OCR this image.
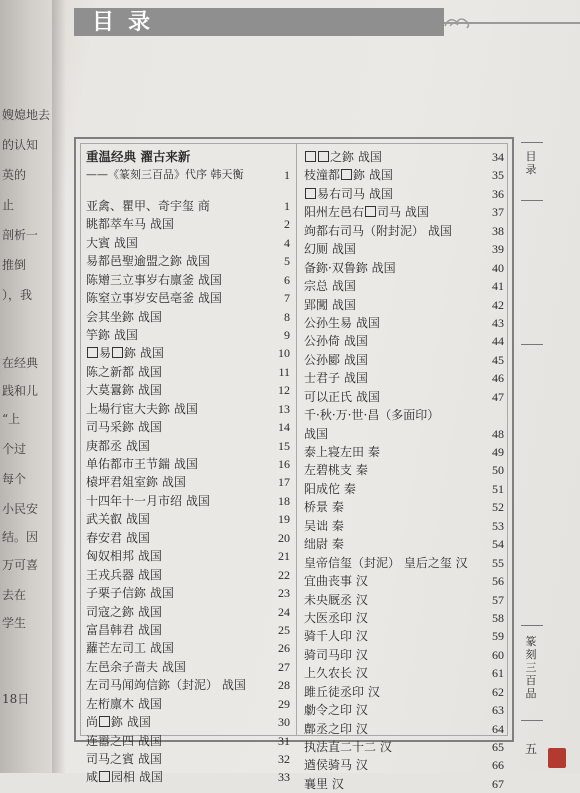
嫂媳地去
的认知
英的
止
剖析一
推倒
），我
在经典
践和儿
“上
个过
每个
小民安
结。因
万可喜
去在
学生
18日
目录
重温经典 濯古来新
——《篆刻三百品》代序 韩天衡	1
亚禽、瞿甲、奇宇玺 商	1
眺都萃车马 战国	2
大賓 战国	4
易都邑聖逾盟之鉨 战国	5
陈矰三立事岁右廪釜 战国	6
陈窒立事岁安邑亳釜 战国	7
会其坐鉨 战国	8
竽鉨 战国	9
易 鉨 战国	10
陈之新都 战国	11
大莫囂鉨 战国	12
上場行宦大夫鉨 战国	13
司马采鉨 战国	14
庚都丞 战国	15
单佑都市王节鍴 战国	16
榬坪君俎室鉨 战国	17
十四年十一月市绍 战国	18
武关叡 战国	19
春安君 战国	20
匈奴相邦 战国	21
王戎兵器 战国	22
子栗子信鉨 战国	23
司寇之鉨 战国	24
富昌韩君 战国	25
蘿芒左司工 战国	26
左邑余子啬夫 战国	27
左司马闻竘信鉨（封泥） 战国	28
左桁廪木 战国	29
尚 鉨 战国	30
连嚣之四 战国	31
司马之賓 战国	32
咸 园相 战国	33
之鉨 战国	34
枝潼都 鉨 战国	35
易右司马 战国	36
阳州左邑右 司马 战国	37
竘都右司马（附封泥） 战国	38
幻厕 战国	39
备鉨·双鲁鉨 战国	40
宗总 战国	41
郢闖 战国	42
公孙生易 战国	43
公孙倚 战国	44
公孙郾 战国	45
士君子 战国	46
可以正氏 战国	47
千·秋·万·世·昌（多面印）
战国	48
泰上寝左田 秦	49
左碧桃支 秦	50
阳成佗 秦	51
桥景 秦	52
吴诎 秦	53
绌尉 秦	54
皇帝信玺（封泥） 皇后之玺 汉 55
宜曲丧事 汉	56
未央厩丞 汉	57
大医丞印 汉	58
骑千人印 汉	59
骑司马印 汉	60
上久农长 汉	61
雎丘徒丞印 汉	62
勮令之印 汉	63
鄜丞之印 汉	64
执法直二十二 汉	65
遒侯骑马 汉	66
襄里 汉	67
目
录
篆
刻
三
百
品
五
